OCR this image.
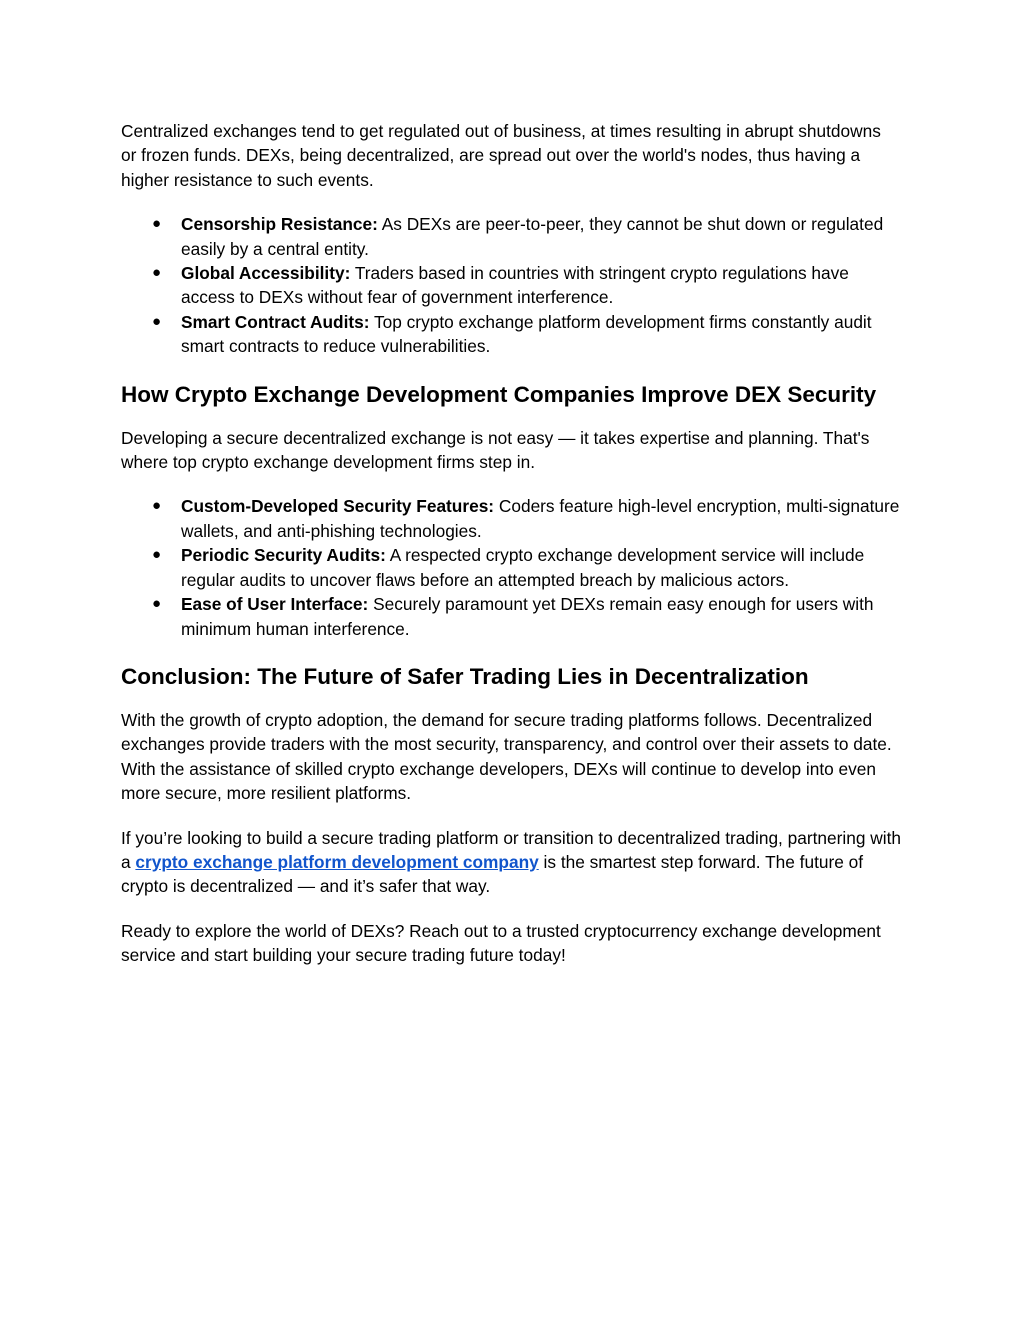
Centralized exchanges tend to get regulated out of business, at times resulting in abrupt shutdowns or frozen funds. DEXs, being decentralized, are spread out over the world's nodes, thus having a higher resistance to such events.

● Censorship Resistance: As DEXs are peer-to-peer, they cannot be shut down or regulated easily by a central entity.
● Global Accessibility: Traders based in countries with stringent crypto regulations have access to DEXs without fear of government interference.
● Smart Contract Audits: Top crypto exchange platform development firms constantly audit smart contracts to reduce vulnerabilities.
How Crypto Exchange Development Companies Improve DEX Security

Developing a secure decentralized exchange is not easy — it takes expertise and planning. That's where top crypto exchange development firms step in.

● Custom-Developed Security Features: Coders feature high-level encryption, multi-signature wallets, and anti-phishing technologies.
● Periodic Security Audits: A respected crypto exchange development service will include regular audits to uncover flaws before an attempted breach by malicious actors.
● Ease of User Interface: Securely paramount yet DEXs remain easy enough for users with minimum human interference.
Conclusion: The Future of Safer Trading Lies in Decentralization

With the growth of crypto adoption, the demand for secure trading platforms follows. Decentralized exchanges provide traders with the most security, transparency, and control over their assets to date. With the assistance of skilled crypto exchange developers, DEXs will continue to develop into even more secure, more resilient platforms.

If you’re looking to build a secure trading platform or transition to decentralized trading, partnering with a crypto exchange platform development company is the smartest step forward. The future of crypto is decentralized — and it’s safer that way.

Ready to explore the world of DEXs? Reach out to a trusted cryptocurrency exchange development service and start building your secure trading future today!
